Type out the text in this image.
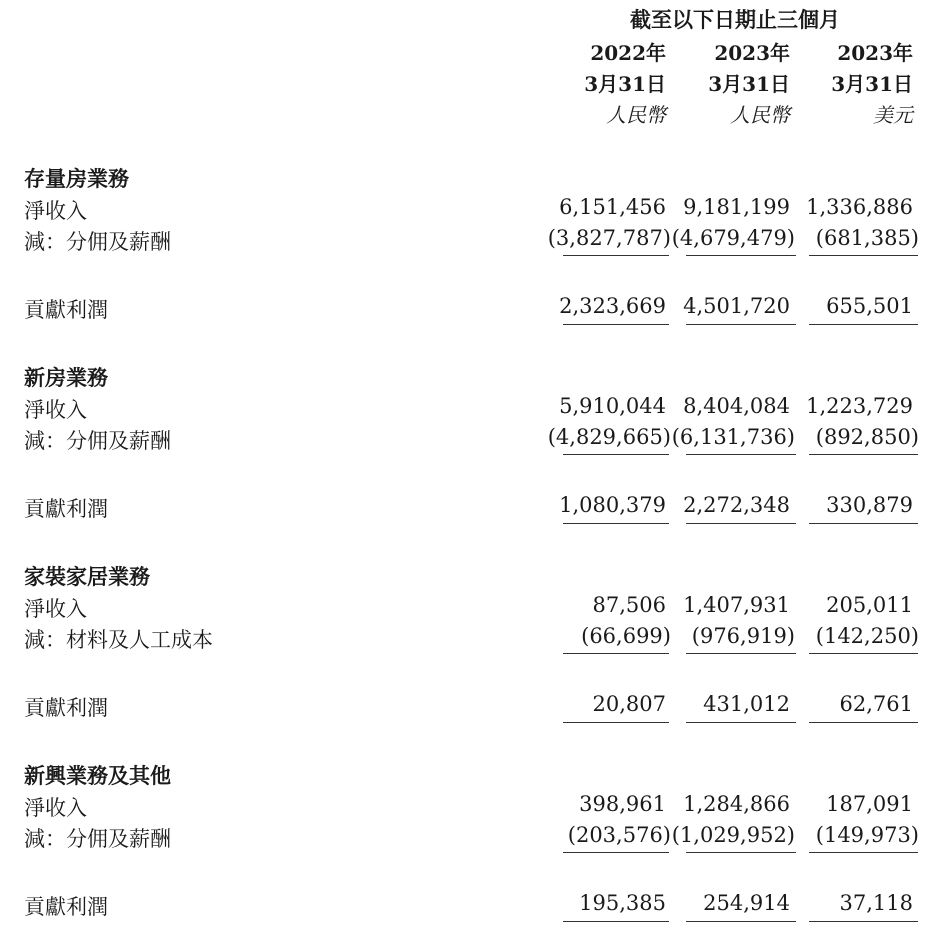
截至以下日期止三個月
2022年	2023年	2023年
3月31日	3月31日	3月31日
人民幣	人民幣	美元
存量房業務
淨收入	6,151,456 9,181,199 1,336,886
減：分佣及薪酬	(3,827,787) (4,679,479) (681,385)
貢獻利潤	2,323,669 4,501,720	655,501
新房業務
淨收入	5,910,044 8,404,084 1,223,729
減：分佣及薪酬	(4,829,665) (6,131,736) (892,850)
貢獻利潤	1,080,379 2,272,348	330,879
家裝家居業務
淨收入	87,506 1,407,931	205,011
減：材料及人工成本	(66,699) (976,919) (142,250)
貢獻利潤	20,807	431,012	62,761
新興業務及其他
淨收入	398,961 1,284,866	187,091
減：分佣及薪酬	(203,576) (1,029,952) (149,973)
貢獻利潤	195,385	254,914	37,118
